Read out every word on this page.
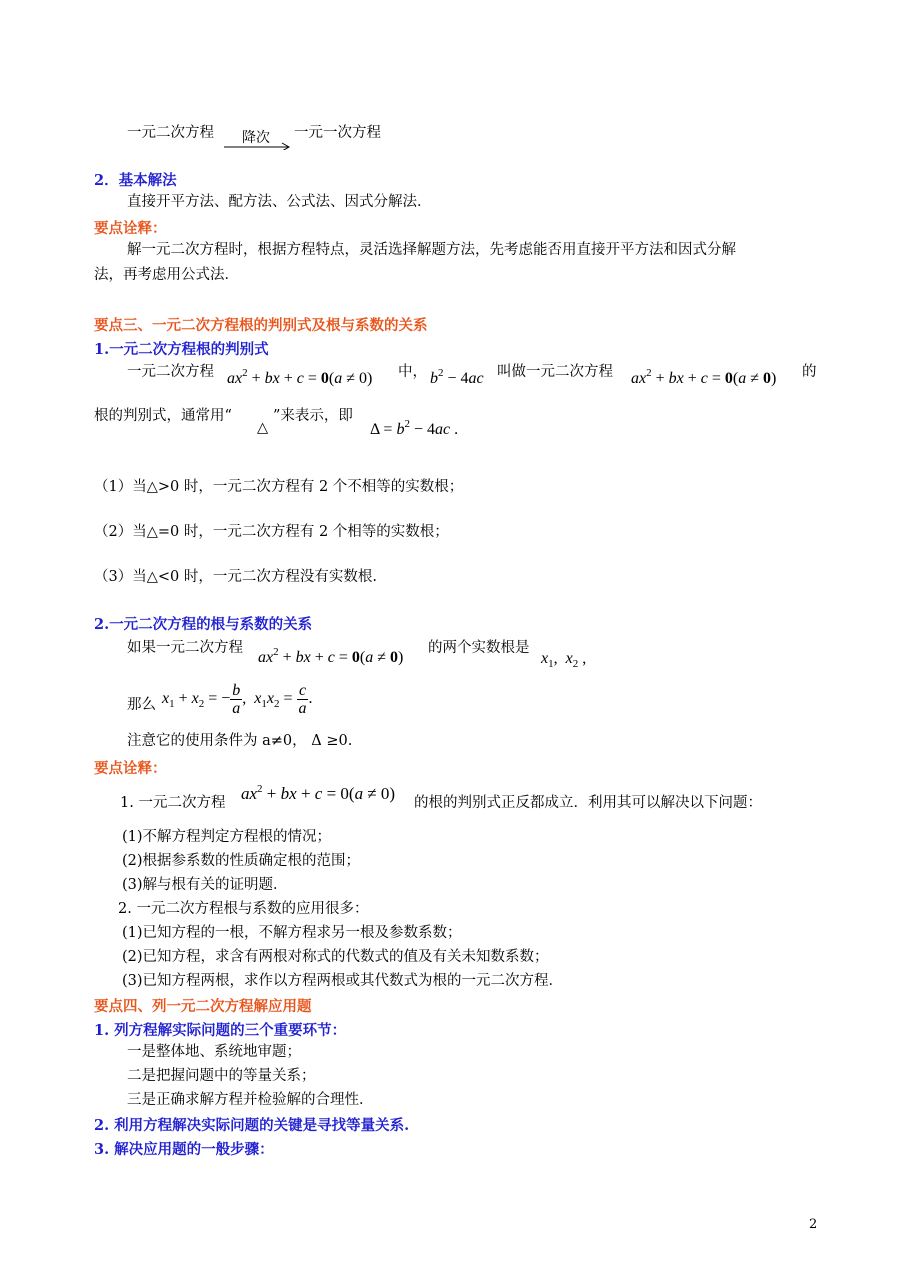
一元二次方程 降次 一元一次方程
2．基本解法
直接开平方法、配方法、公式法、因式分解法．
要点诠释：
解一元二次方程时，根据方程特点，灵活选择解题方法，先考虑能否用直接开平方法和因式分解
法，再考虑用公式法．
要点三、一元二次方程根的判别式及根与系数的关系
1.一元二次方程根的判别式
一元二次方程 $ax^2$ + bx + c = 0(a ≠ 0) 中， $b^2 - 4ac$ 叫做一元二次方程 $ax^2$ + bx + c = 0(a ≠ 0) 的
根的判别式，通常用“
△
”来表示，即
$\Delta = b^2 - 4ac$ .
（1）当△>0 时，一元二次方程有 2 个不相等的实数根；
（2）当△=0 时，一元二次方程有 2 个相等的实数根；
（3）当△<0 时，一元二次方程没有实数根.
2.一元二次方程的根与系数的关系
如果一元二次方程
$ax^2$ + bx + c = 0(a ≠ 0)
的两个实数根是
$x_1$,  $x_2$ ,
那么 $x_1 + x_2$ = − $\frac{b}{a}$ ,  $x_1x_2 = \frac{c}{a}$ .
注意它的使用条件为 a≠0， Δ ≥0.
要点诠释：
1. 一元二次方程 $ax^2$ + bx + c = 0(a ≠ 0) 的根的判别式正反都成立．利用其可以解决以下问题：
(1)不解方程判定方程根的情况；
(2)根据参系数的性质确定根的范围；
(3)解与根有关的证明题．
2. 一元二次方程根与系数的应用很多：
(1)已知方程的一根，不解方程求另一根及参数系数；
(2)已知方程，求含有两根对称式的代数式的值及有关未知数系数；
(3)已知方程两根，求作以方程两根或其代数式为根的一元二次方程．
要点四、列一元二次方程解应用题
1. 列方程解实际问题的三个重要环节：
一是整体地、系统地审题；
二是把握问题中的等量关系；
三是正确求解方程并检验解的合理性．
2. 利用方程解决实际问题的关键是寻找等量关系.
3. 解决应用题的一般步骤：
2
